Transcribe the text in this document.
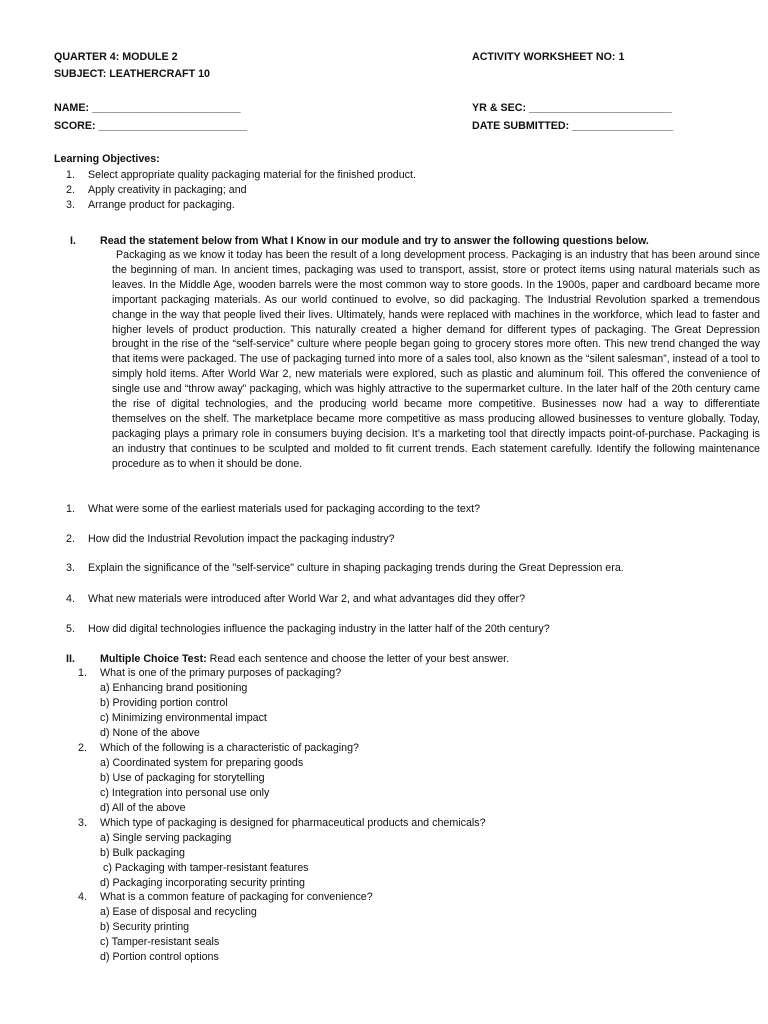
QUARTER 4: MODULE 2	ACTIVITY WORKSHEET NO: 1
SUBJECT: LEATHERCRAFT 10
NAME: _________________________	YR & SEC: ________________________
SCORE: _________________________	DATE SUBMITTED: _________________
Learning Objectives:
1. Select appropriate quality packaging material for the finished product.
2. Apply creativity in packaging; and
3. Arrange product for packaging.
I. Read the statement below from What I Know in our module and try to answer the following questions below.
Packaging as we know it today has been the result of a long development process. Packaging is an industry that has been around since the beginning of man. In ancient times, packaging was used to transport, assist, store or protect items using natural materials such as leaves. In the Middle Age, wooden barrels were the most common way to store goods. In the 1900s, paper and cardboard became more important packaging materials. As our world continued to evolve, so did packaging. The Industrial Revolution sparked a tremendous change in the way that people lived their lives. Ultimately, hands were replaced with machines in the workforce, which lead to faster and higher levels of product production. This naturally created a higher demand for different types of packaging. The Great Depression brought in the rise of the “self-service” culture where people began going to grocery stores more often. This new trend changed the way that items were packaged. The use of packaging turned into more of a sales tool, also known as the “silent salesman”, instead of a tool to simply hold items. After World War 2, new materials were explored, such as plastic and aluminum foil. This offered the convenience of single use and “throw away” packaging, which was highly attractive to the supermarket culture. In the later half of the 20th century came the rise of digital technologies, and the producing world became more competitive. Businesses now had a way to differentiate themselves on the shelf. The marketplace became more competitive as mass producing allowed businesses to venture globally. Today, packaging plays a primary role in consumers buying decision. It’s a marketing tool that directly impacts point-of-purchase. Packaging is an industry that continues to be sculpted and molded to fit current trends. Each statement carefully. Identify the following maintenance procedure as to when it should be done.
1. What were some of the earliest materials used for packaging according to the text?
2. How did the Industrial Revolution impact the packaging industry?
3. Explain the significance of the "self-service" culture in shaping packaging trends during the Great Depression era.
4. What new materials were introduced after World War 2, and what advantages did they offer?
5. How did digital technologies influence the packaging industry in the latter half of the 20th century?
II. Multiple Choice Test: Read each sentence and choose the letter of your best answer.
1. What is one of the primary purposes of packaging?
a) Enhancing brand positioning
b) Providing portion control
c) Minimizing environmental impact
d) None of the above
2. Which of the following is a characteristic of packaging?
a) Coordinated system for preparing goods
b) Use of packaging for storytelling
c) Integration into personal use only
d) All of the above
3. Which type of packaging is designed for pharmaceutical products and chemicals?
a) Single serving packaging
b) Bulk packaging
c) Packaging with tamper-resistant features
d) Packaging incorporating security printing
4. What is a common feature of packaging for convenience?
a) Ease of disposal and recycling
b) Security printing
c) Tamper-resistant seals
d) Portion control options
